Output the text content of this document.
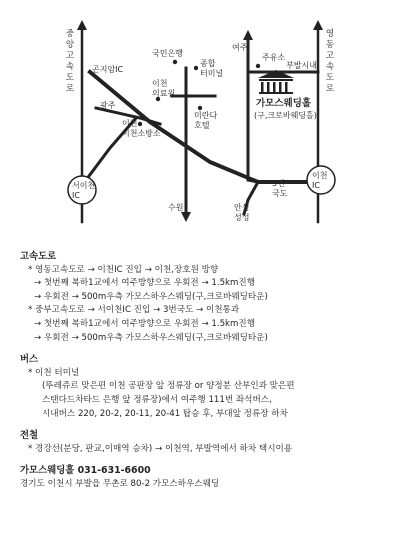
중
앙
고
속
도
로
영
동
고
속
도
로
곤지암IC
광주
국민은행
여주
주유소
부발시내
가모스웨딩홀
(구,크로바웨딩홀)
수원
이천 의료원
이천 이천소방소
종합 터미널
미란다 호텔
서이천 IC
이천 IC
안성 성성
3번 국도
고속도로
* 영동고속도로 → 이천IC 진입 → 이천,장호원 방향
→ 첫번째 복하1교에서 여주방향으로 우회전 → 1.5km진행
→ 우회전 → 500m우측 가모스하우스웨딩(구,크로바웨딩타운)
* 중부고속도로 → 서이천IC 진입 → 3번국도 → 이천통과
→ 첫번째 복하1교에서 여주방향으로 우회전 → 1.5km진행
→ 우회전 → 500m우측 가모스하우스웨딩(구,크로바웨딩타운)
버스
* 이천 터미널
(뚜레쥬르 맞은편 이천 공판장 앞 정류장 or 양정분 산부인과 맞은편
스탠다드차타드 은행 앞 정류장)에서 여주행 111번 좌석버스,
시내버스 220, 20-2, 20-11, 20-41 탑승 후, 부대앞 정류장 하차
전철
* 경강선(분당, 판교,이매역 승차) → 이천역, 부발역에서 하차 택시이용
가모스웨딩홀 031-631-6600
경기도 이천시 부발읍 무촌로 80-2 가모스하우스웨딩
